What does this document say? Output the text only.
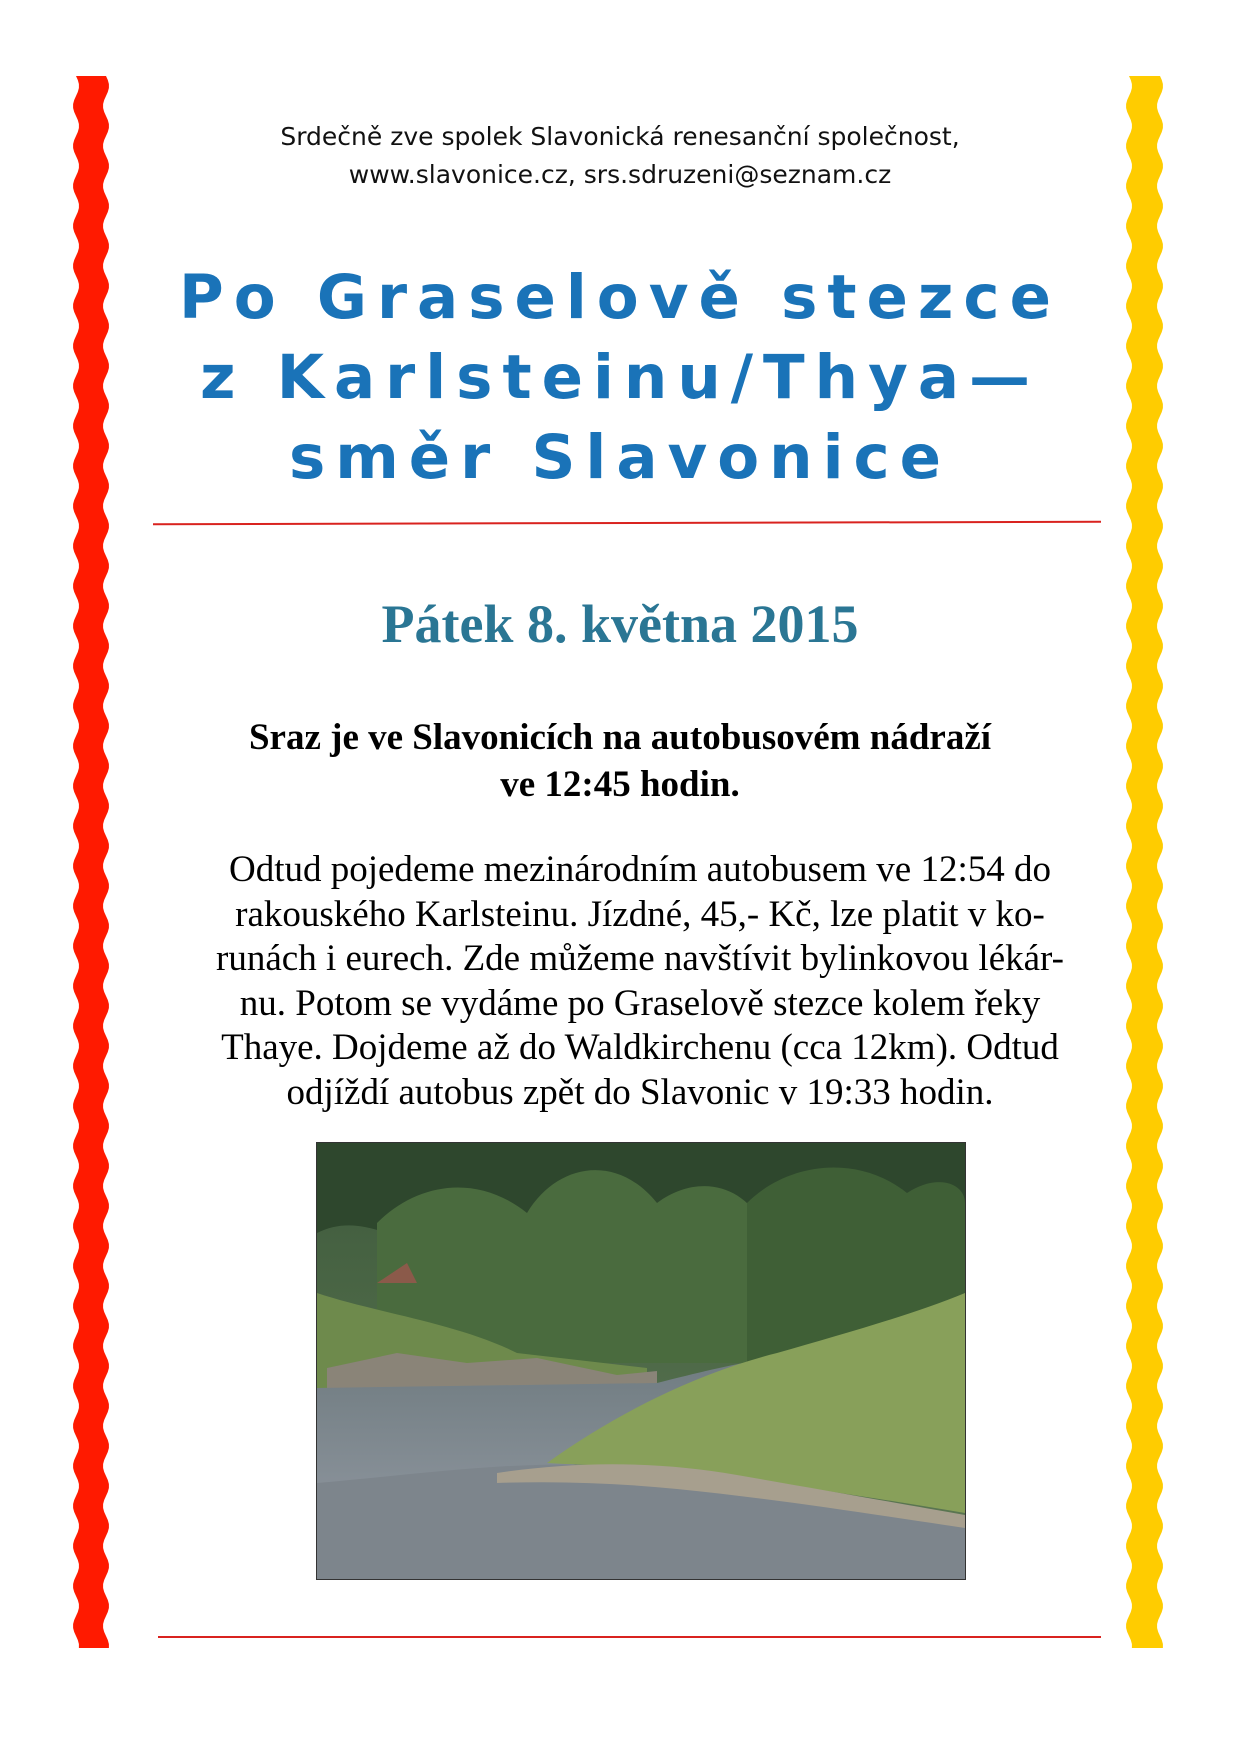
Srdečně zve spolek Slavonická renesanční společnost,
www.slavonice.cz, srs.sdruzeni@seznam.cz
Po Graselově stezce
z Karlsteinu/Thya—
směr Slavonice
Pátek 8. května 2015
Sraz je ve Slavonicích na autobusovém nádraží
ve 12:45 hodin.
Odtud pojedeme mezinárodním autobusem ve 12:54 do
rakouského Karlsteinu. Jízdné, 45,- Kč, lze platit v ko-
runách i eurech. Zde můžeme navštívit bylinkovou lékár-
nu. Potom se vydáme po Graselově stezce kolem řeky
Thaye. Dojdeme až do Waldkirchenu (cca 12km). Odtud
odjíždí autobus zpět do Slavonic v 19:33 hodin.
